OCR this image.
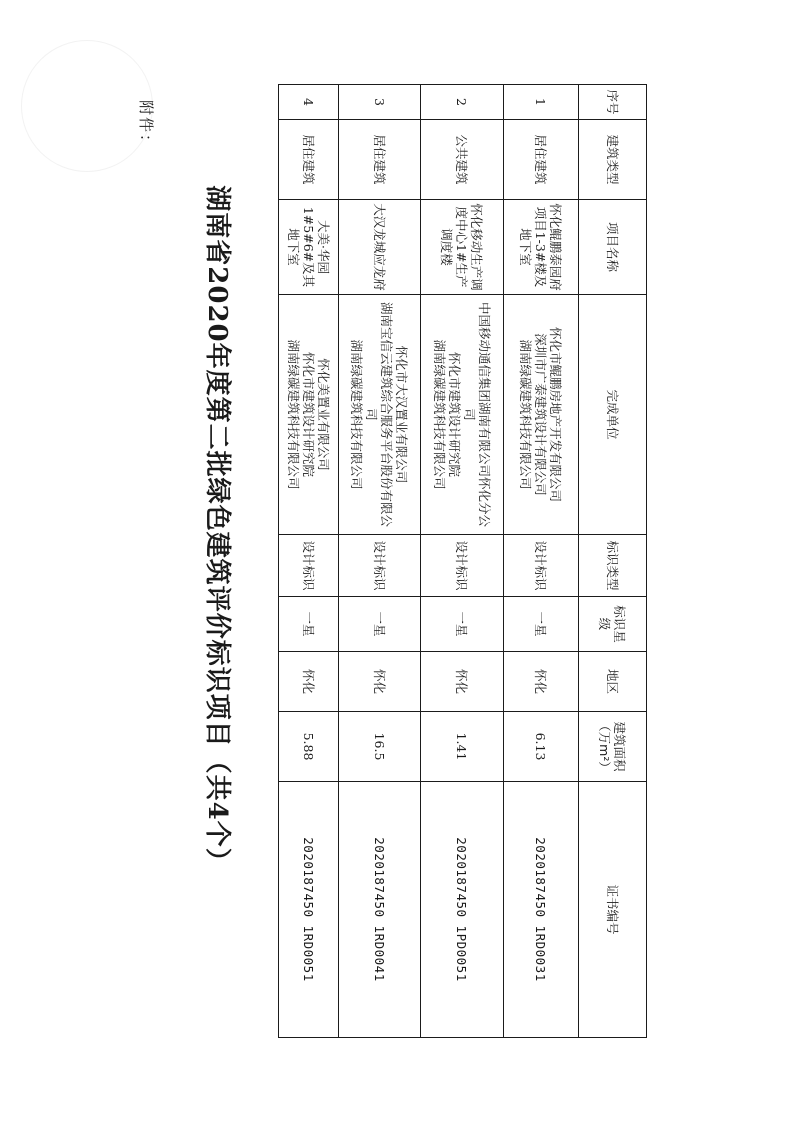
附件：
湖南省2020年度第二批绿色建筑评价标识项目（共4个）
序号	建筑类型	项目名称	完成单位	标识类型	标识星级	地区	建筑面积（万m²）	证书编号
1	居住建筑	怀化鲲鹏泰园府项目1-3#楼及地下室	怀化市鲲鹏房地产开发有限公司
深圳市广泰建筑设计有限公司
湖南绿碳建筑科技有限公司	设计标识	一星	怀化	6.13	2020187450 1RD0031
2	公共建筑	怀化移动生产调度中心1#生产调度楼	中国移动通信集团湖南有限公司怀化分公司
怀化市建筑设计研究院
湖南绿碳建筑科技有限公司	设计标识	一星	怀化	1.41	2020187450 1PD0051
3	居住建筑	大汉龙城应龙府	怀化市大汉置业有限公司
湖南宝信云建筑综合服务平台股份有限公司
湖南绿碳建筑科技有限公司	设计标识	一星	怀化	16.5	2020187450 1RD0041
4	居住建筑	大美·华园1#5#6#及其地下室	怀化美置业有限公司
怀化市建筑设计研究院
湖南绿碳建筑科技有限公司	设计标识	一星	怀化	5.88	2020187450 1RD0051
